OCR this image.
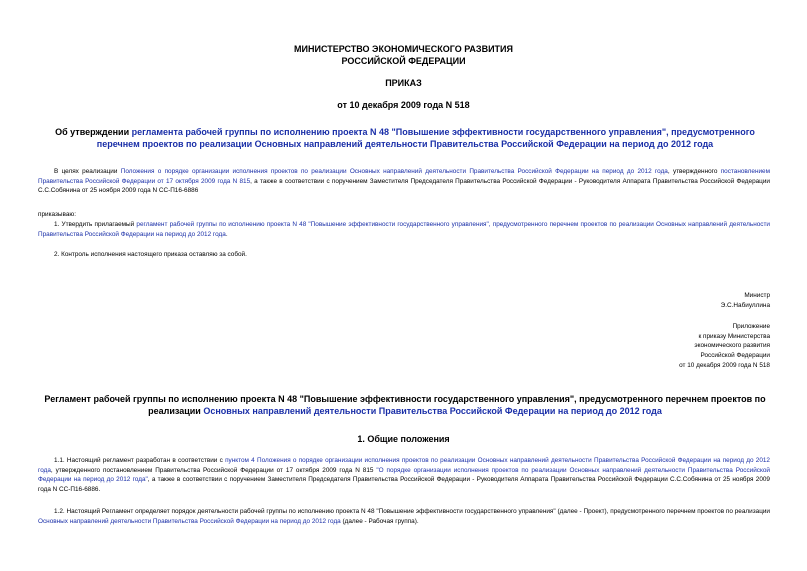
МИНИСТЕРСТВО ЭКОНОМИЧЕСКОГО РАЗВИТИЯ
РОССИЙСКОЙ ФЕДЕРАЦИИ
ПРИКАЗ
от 10 декабря 2009 года N 518
Об утверждении регламента рабочей группы по исполнению проекта N 48 "Повышение эффективности государственного управления", предусмотренного перечнем проектов по реализации Основных направлений деятельности Правительства Российской Федерации на период до 2012 года
В целях реализации Положения о порядке организации исполнения проектов по реализации Основных направлений деятельности Правительства Российской Федерации на период до 2012 года, утвержденного постановлением Правительства Российской Федерации от 17 октября 2009 года N 815, а также в соответствии с поручением Заместителя Председателя Правительства Российской Федерации - Руководителя Аппарата Правительства Российской Федерации С.С.Собянина от 25 ноября 2009 года N СС-П16-6886
приказываю:
1. Утвердить прилагаемый регламент рабочей группы по исполнению проекта N 48 "Повышение эффективности государственного управления", предусмотренного перечнем проектов по реализации Основных направлений деятельности Правительства Российской Федерации на период до 2012 года.
2. Контроль исполнения настоящего приказа оставляю за собой.
Министр
Э.С.Набиуллина
Приложение
к приказу Министерства
экономического развития
Российской Федерации
от 10 декабря 2009 года N 518
Регламент рабочей группы по исполнению проекта N 48 "Повышение эффективности государственного управления", предусмотренного перечнем проектов по реализации Основных направлений деятельности Правительства Российской Федерации на период до 2012 года
1. Общие положения
1.1. Настоящий регламент разработан в соответствии с пунктом 4 Положения о порядке организации исполнения проектов по реализации Основных направлений деятельности Правительства Российской Федерации на период до 2012 года, утвержденного постановлением Правительства Российской Федерации от 17 октября 2009 года N 815 "О порядке организации исполнения проектов по реализации Основных направлений деятельности Правительства Российской Федерации на период до 2012 года", а также в соответствии с поручением Заместителя Председателя Правительства Российской Федерации - Руководителя Аппарата Правительства Российской Федерации С.С.Собянина от 25 ноября 2009 года N СС-П16-6886.
1.2. Настоящий Регламент определяет порядок деятельности рабочей группы по исполнению проекта N 48 "Повышение эффективности государственного управления" (далее - Проект), предусмотренного перечнем проектов по реализации Основных направлений деятельности Правительства Российской Федерации на период до 2012 года (далее - Рабочая группа).
